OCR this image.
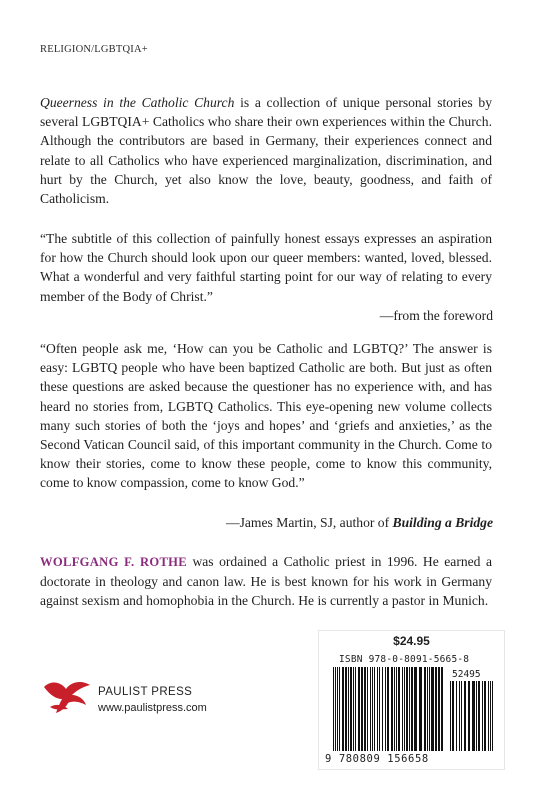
RELIGION/LGBTQIA+

Queerness in the Catholic Church is a collection of unique personal stories by several LGBTQIA+ Catholics who share their own experiences within the Church. Although the contributors are based in Germany, their experiences connect and relate to all Catholics who have experienced marginalization, discrimination, and hurt by the Church, yet also know the love, beauty, goodness, and faith of Catholicism.

“The subtitle of this collection of painfully honest essays expresses an aspiration for how the Church should look upon our queer members: wanted, loved, blessed. What a wonderful and very faithful starting point for our way of relating to every member of the Body of Christ.”

—from the foreword

“Often people ask me, ‘How can you be Catholic and LGBTQ?’ The answer is easy: LGBTQ people who have been baptized Catholic are both. But just as often these questions are asked because the questioner has no experience with, and has heard no stories from, LGBTQ Catholics. This eye-opening new volume collects many such stories of both the ‘joys and hopes’ and ‘griefs and anxieties,’ as the Second Vatican Council said, of this important community in the Church. Come to know their stories, come to know these people, come to know this community, come to know compassion, come to know God.”

—James Martin, SJ, author of Building a Bridge

WOLFGANG F. ROTHE was ordained a Catholic priest in 1996. He earned a doctorate in theology and canon law. He is best known for his work in Germany against sexism and homophobia in the Church. He is currently a pastor in Munich.

PAULIST PRESS
www.paulistpress.com
$24.95
ISBN 978-0-8091-5665-8
52495
9 780809 156658
